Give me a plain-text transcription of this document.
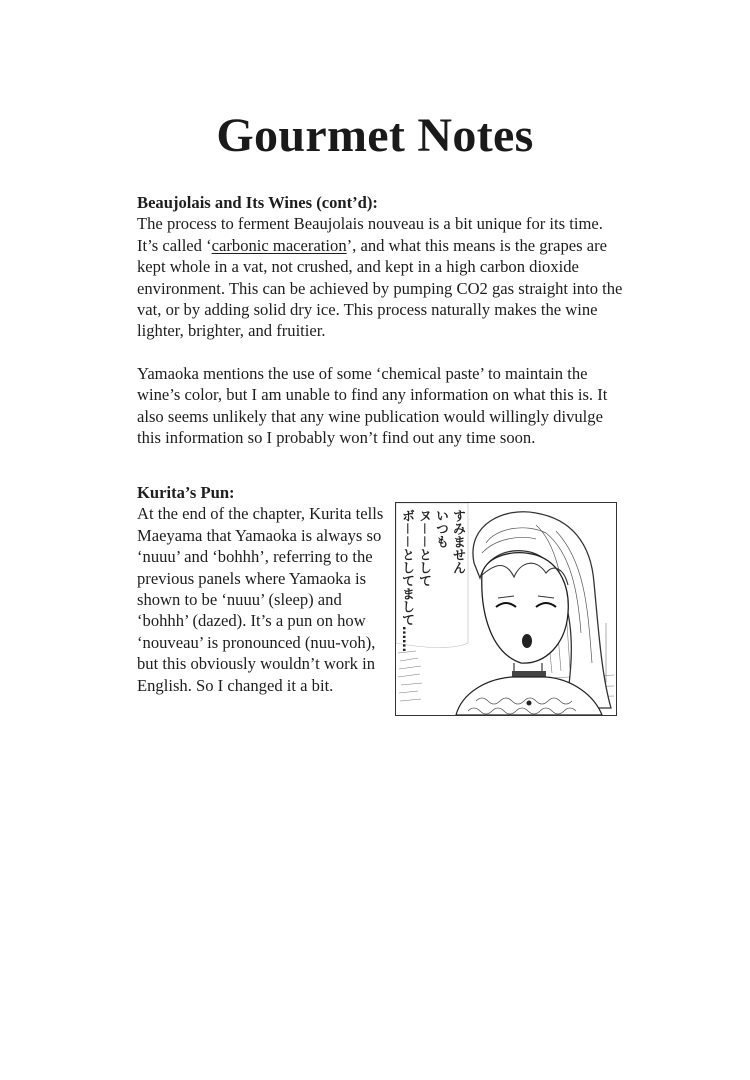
Gourmet Notes

Beaujolais and Its Wines (cont’d):

The process to ferment Beaujolais nouveau is a bit unique for its time. It’s called ‘carbonic maceration’, and what this means is the grapes are kept whole in a vat, not crushed, and kept in a high carbon dioxide environment. This can be achieved by pumping CO2 gas straight into the vat, or by adding solid dry ice. This process naturally makes the wine lighter, brighter, and fruitier.

Yamaoka mentions the use of some ‘chemical paste’ to maintain the wine’s color, but I am unable to find any information on what this is. It also seems unlikely that any wine publication would willingly divulge this information so I probably won’t find out any time soon.

Kurita’s Pun:

At the end of the chapter, Kurita tells Maeyama that Yamaoka is always so ‘nuuu’ and ‘bohhh’, referring to the previous panels where Yamaoka is shown to be ‘nuuu’ (sleep) and ‘bohhh’ (dazed). It’s a pun on how ‘nouveau’ is pronounced (nuu-voh), but this obviously wouldn’t work in English. So I changed it a bit.

すみません
いつも
ヌ－－として
ボ－－としてまして……
